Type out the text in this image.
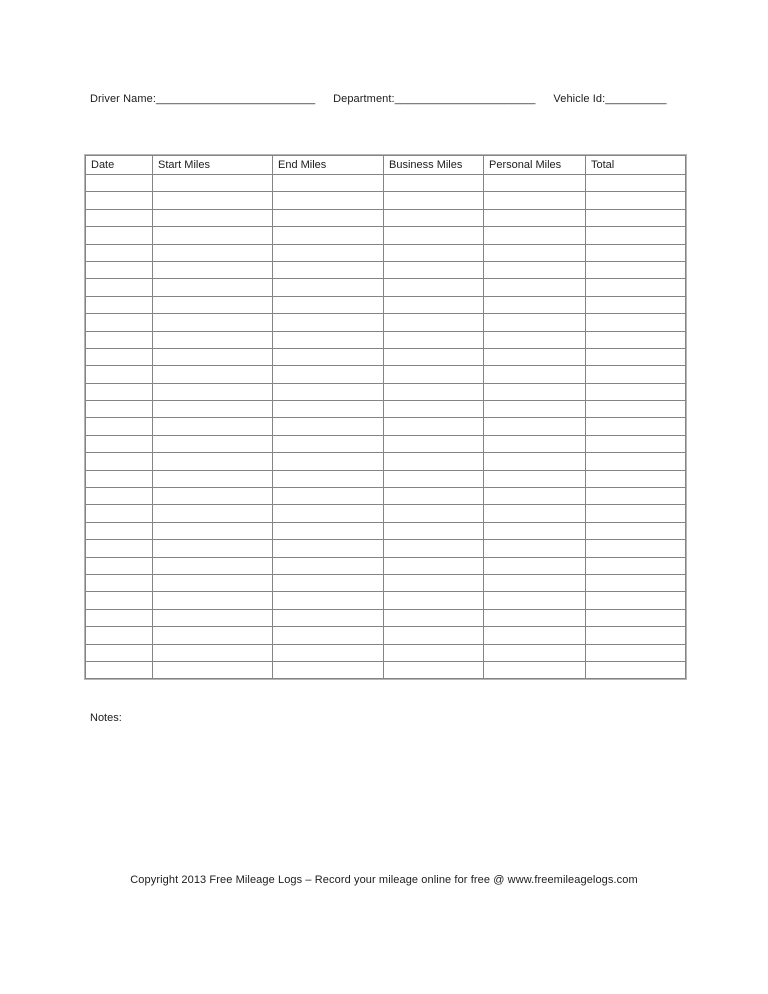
Driver Name:__________________________ Department:_______________________ Vehicle Id:__________
Date	Start Miles	End Miles	Business Miles	Personal Miles	Total

Notes:
Copyright 2013 Free Mileage Logs – Record your mileage online for free @ www.freemileagelogs.com
